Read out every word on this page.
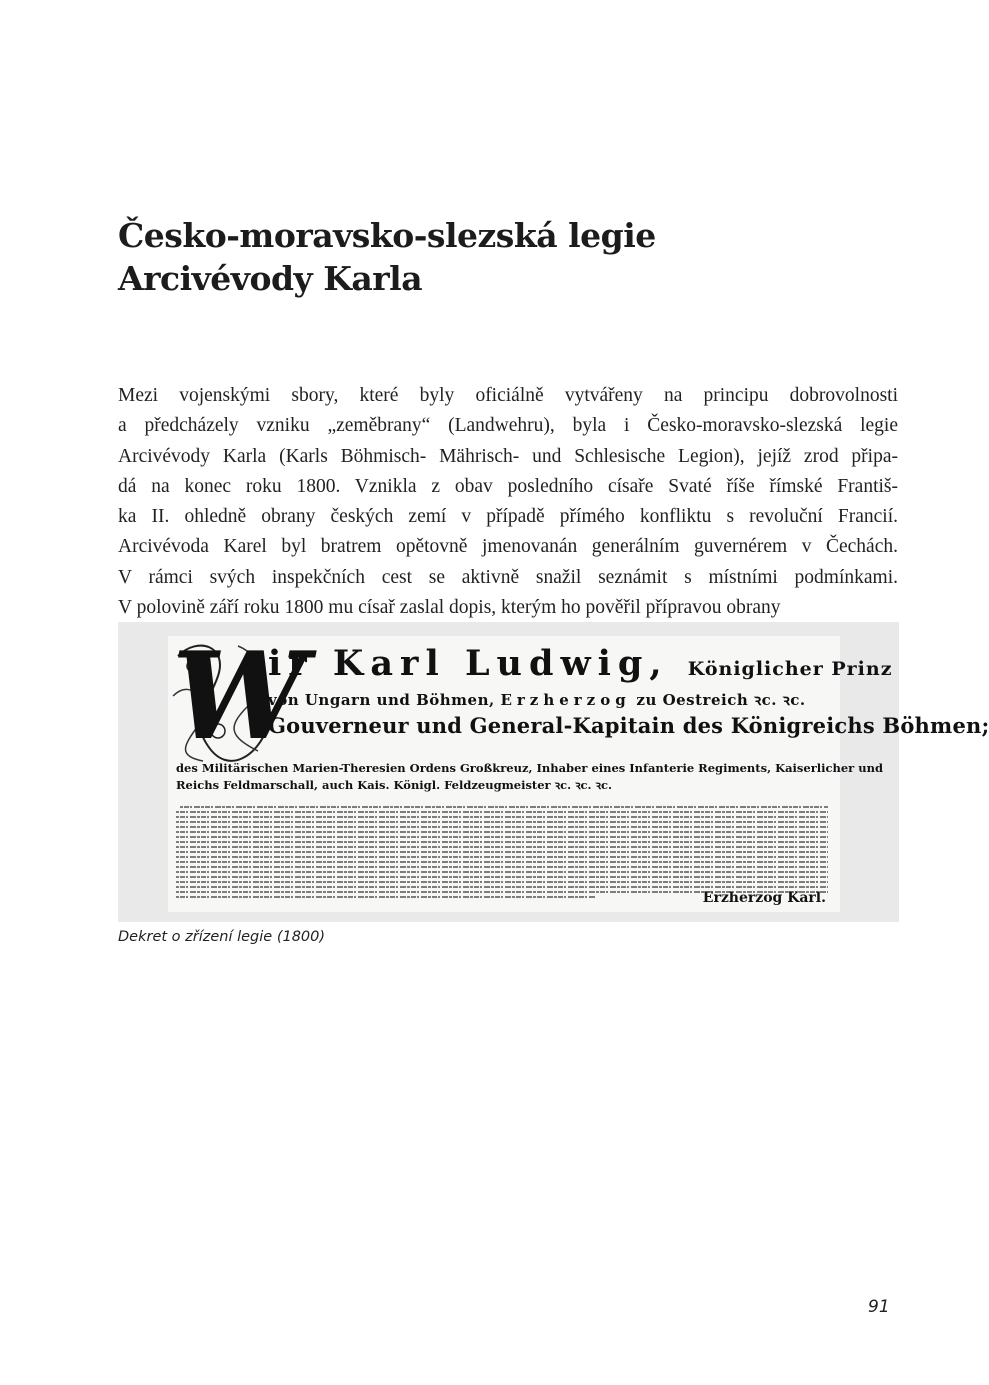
Česko-moravsko-slezská legie
Arcivévody Karla
Mezi vojenskými sbory, které byly oficiálně vytvářeny na principu dobrovolnosti
a předcházely vzniku „zeměbrany“ (Landwehru), byla i Česko-moravsko-slezská legie
Arcivévody Karla (Karls Böhmisch- Mährisch- und Schlesische Legion), jejíž zrod připa-
dá na konec roku 1800. Vznikla z obav posledního císaře Svaté říše římské Františ-
ka II. ohledně obrany českých zemí v případě přímého konfliktu s revoluční Francií.
Arcivévoda Karel byl bratrem opětovně jmenovanán generálním guvernérem v Čechách.
V rámci svých inspekčních cest se aktivně snažil seznámit s místními podmínkami.
V polovině září roku 1800 mu císař zaslal dopis, kterým ho pověřil přípravou obrany
W
ir Karl Ludwig, Königlicher Prinz
von Ungarn und Böhmen, Erzherzog zu Oestreich ꝛc. ꝛc.
Gouverneur und General-Kapitain des Königreichs Böhmen;
des Militärischen Marien-Theresien Ordens Großkreuz, Inhaber eines Infanterie Regiments, Kaiserlicher und
Reichs Feldmarschall, auch Kais. Königl. Feldzeugmeister ꝛc. ꝛc. ꝛc.
Erzherzog Karl.
Dekret o zřízení legie (1800)
91
